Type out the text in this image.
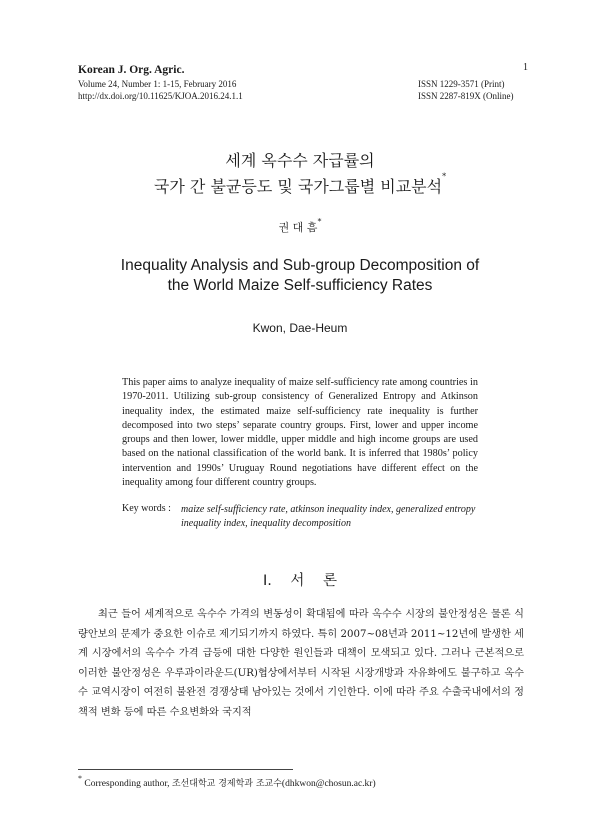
Korean J. Org. Agric.
Volume 24, Number 1: 1-15, February 2016
http://dx.doi.org/10.11625/KJOA.2016.24.1.1
1
ISSN 1229-3571 (Print)
ISSN 2287-819X (Online)
세계 옥수수 자급률의
국가 간 불균등도 및 국가그룹별 비교분석*
권 대 흠*
Inequality Analysis and Sub-group Decomposition of
the World Maize Self-sufficiency Rates
Kwon, Dae-Heum
This paper aims to analyze inequality of maize self-sufficiency rate among countries in 1970-2011. Utilizing sub-group consistency of Generalized Entropy and Atkinson inequality index, the estimated maize self-sufficiency rate inequality is further decomposed into two steps’ separate country groups. First, lower and upper income groups and then lower, lower middle, upper middle and high income groups are used based on the national classification of the world bank. It is inferred that 1980s’ policy intervention and 1990s’ Uruguay Round negotiations have different effect on the inequality among four different country groups.
Key words : maize self-sufficiency rate, atkinson inequality index, generalized entropy inequality index, inequality decomposition
Ⅰ. 서 론
최근 들어 세계적으로 옥수수 가격의 변동성이 확대됨에 따라 옥수수 시장의 불안정성은 물론 식량안보의 문제가 중요한 이슈로 제기되기까지 하였다. 특히 2007~08년과 2011~12년에 발생한 세계 시장에서의 옥수수 가격 급등에 대한 다양한 원인들과 대책이 모색되고 있다. 그러나 근본적으로 이러한 불안정성은 우루과이라운드(UR)협상에서부터 시작된 시장개방과 자유화에도 불구하고 옥수수 교역시장이 여전히 불완전 경쟁상태 남아있는 것에서 기인한다. 이에 따라 주요 수출국내에서의 정책적 변화 등에 따른 수요변화와 국지적
* Corresponding author, 조선대학교 경제학과 조교수(dhkwon@chosun.ac.kr)
